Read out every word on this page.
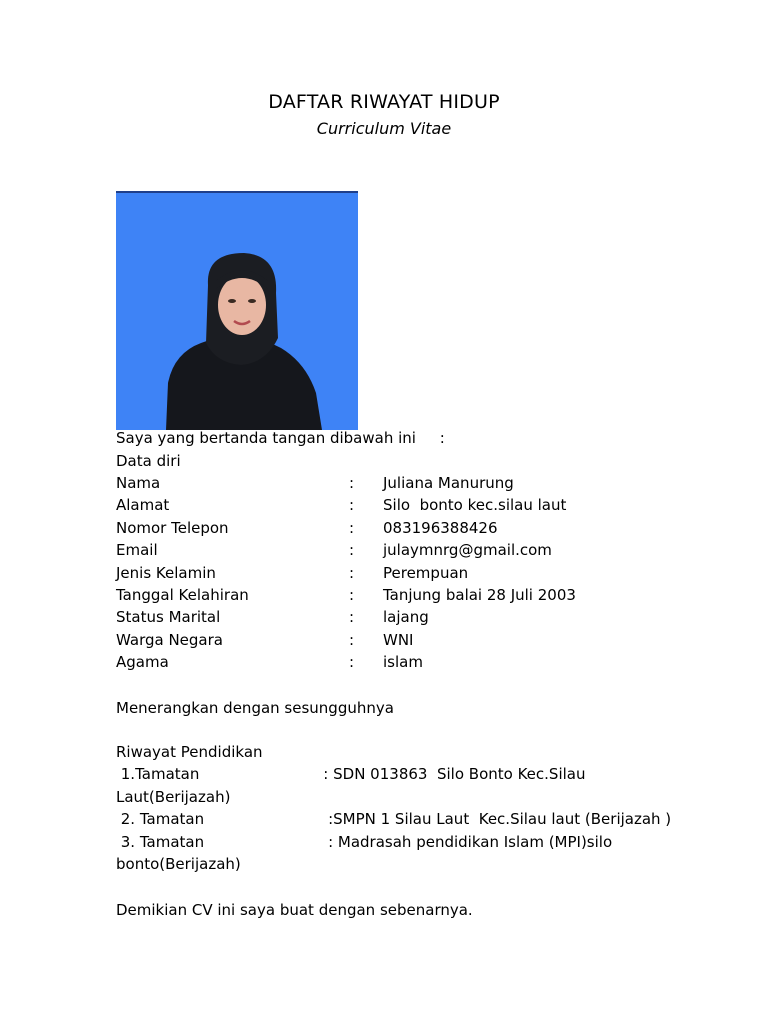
DAFTAR RIWAYAT HIDUP
Curriculum Vitae
Saya yang bertanda tangan dibawah ini     :
Data diri
Nama	: Juliana Manurung
Alamat	: Silo  bonto kec.silau laut
Nomor Telepon	: 083196388426
Email	: julaymnrg@gmail.com
Jenis Kelamin	: Perempuan
Tanggal Kelahiran	: Tanjung balai 28 Juli 2003
Status Marital	: lajang
Warga Negara	: WNI
Agama	: islam
Menerangkan dengan sesungguhnya
Riwayat Pendidikan
1.Tamatan                          : SDN 013863  Silo Bonto Kec.Silau
Laut(Berijazah)
2. Tamatan                          :SMPN 1 Silau Laut  Kec.Silau laut (Berijazah )
3. Tamatan                          : Madrasah pendidikan Islam (MPI)silo
bonto(Berijazah)
Demikian CV ini saya buat dengan sebenarnya.
